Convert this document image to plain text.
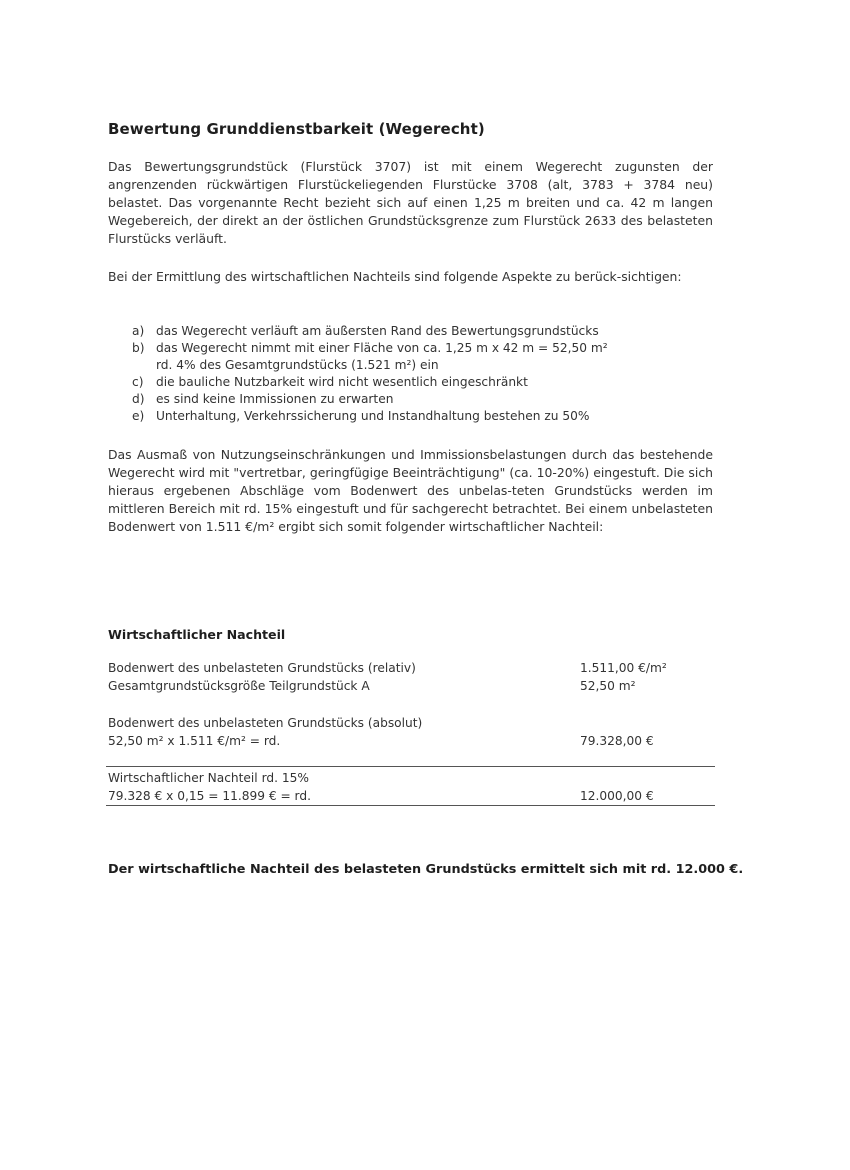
Bewertung Grunddienstbarkeit (Wegerecht)

Das Bewertungsgrundstück (Flurstück 3707) ist mit einem Wegerecht zugunsten der angrenzenden rückwärtigen Flurstückeliegenden Flurstücke 3708 (alt, 3783 + 3784 neu) belastet. Das vorgenannte Recht bezieht sich auf einen 1,25 m breiten und ca. 42 m langen Wegebereich, der direkt an der östlichen Grundstücksgrenze zum Flurstück 2633 des belasteten Flurstücks verläuft.

Bei der Ermittlung des wirtschaftlichen Nachteils sind folgende Aspekte zu berück-sichtigen:

a) das Wegerecht verläuft am äußersten Rand des Bewertungsgrundstücks
b) das Wegerecht nimmt mit einer Fläche von ca. 1,25 m x 42 m = 52,50 m²
rd. 4% des Gesamtgrundstücks (1.521 m²) ein
c)	die bauliche Nutzbarkeit wird nicht wesentlich eingeschränkt
d) es sind keine Immissionen zu erwarten
e) Unterhaltung, Verkehrssicherung und Instandhaltung bestehen zu 50%

Das Ausmaß von Nutzungseinschränkungen und Immissionsbelastungen durch das bestehende Wegerecht wird mit "vertretbar, geringfügige Beeinträchtigung" (ca. 10-20%) eingestuft. Die sich hieraus ergebenen Abschläge vom Bodenwert des unbelas-teten Grundstücks werden im mittleren Bereich mit rd. 15% eingestuft und für sachgerecht betrachtet. Bei einem unbelasteten Bodenwert von 1.511 €/m² ergibt sich somit folgender wirtschaftlicher Nachteil:

Wirtschaftlicher Nachteil
Bodenwert des unbelasteten Grundstücks (relativ)	1.511,00 €/m²
Gesamtgrundstücksgröße Teilgrundstück A	52,50 m²
Bodenwert des unbelasteten Grundstücks (absolut)
52,50 m² x 1.511 €/m² = rd.	79.328,00 €
Wirtschaftlicher Nachteil rd. 15%
79.328 € x 0,15 = 11.899 € = rd.	12.000,00 €
Der wirtschaftliche Nachteil des belasteten Grundstücks ermittelt sich mit rd. 12.000 €.
